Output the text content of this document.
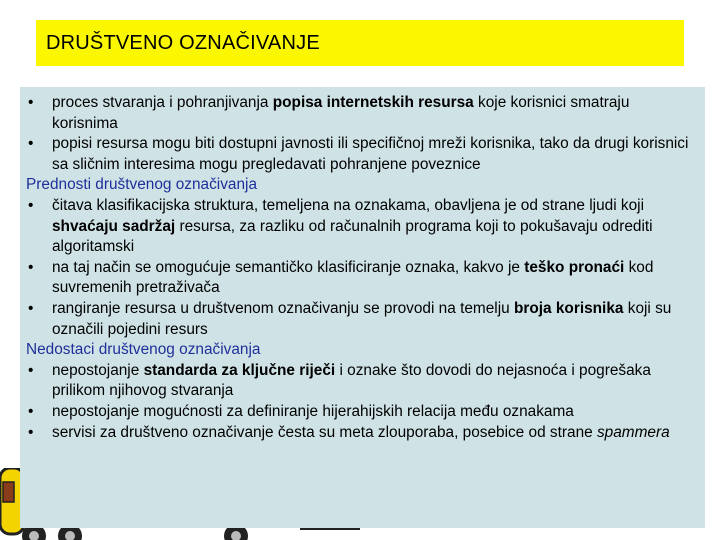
DRUŠTVENO OZNAČIVANJE
• proces stvaranja i pohranjivanja popisa internetskih resursa koje korisnici smatraju korisnima
• popisi resursa mogu biti dostupni javnosti ili specifičnoj mreži korisnika, tako da drugi korisnici sa sličnim interesima mogu pregledavati pohranjene poveznice
Prednosti društvenog označivanja
• čitava klasifikacijska struktura, temeljena na oznakama, obavljena je od strane ljudi koji shvaćaju sadržaj resursa, za razliku od računalnih programa koji to pokušavaju odrediti algoritamski
• na taj način se omogućuje semantičko klasificiranje oznaka, kakvo je teško pronaći kod suvremenih pretraživača
• rangiranje resursa u društvenom označivanju se provodi na temelju broja korisnika koji su označili pojedini resurs
Nedostaci društvenog označivanja
• nepostojanje standarda za ključne riječi i oznake što dovodi do nejasnoća i pogrešaka prilikom njihovog stvaranja
• nepostojanje mogućnosti za definiranje hijerahijskih relacija među oznakama
• servisi za društveno označivanje česta su meta zlouporaba, posebice od strane spammera
